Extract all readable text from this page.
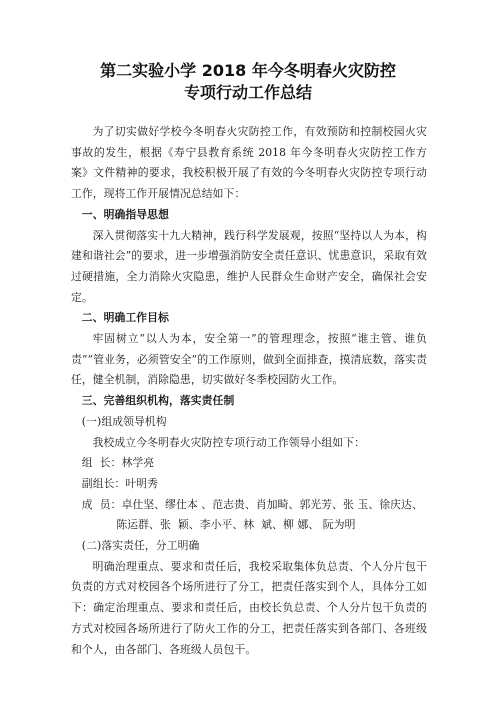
第二实验小学 2018 年今冬明春火灾防控
专项行动工作总结

为了切实做好学校今冬明春火灾防控工作，有效预防和控制校园火灾事故的发生，根据《寿宁县教育系统 2018 年今冬明春火灾防控工作方案》文件精神的要求，我校积极开展了有效的今冬明春火灾防控专项行动工作，现将工作开展情况总结如下：

一、明确指导思想

深入贯彻落实十九大精神，践行科学发展观，按照“坚持以人为本，构建和谐社会”的要求，进一步增强消防安全责任意识、忧患意识，采取有效过硬措施，全力消除火灾隐患，维护人民群众生命财产安全，确保社会安定。

二、明确工作目标

牢固树立“以人为本，安全第一”的管理理念，按照“谁主管、谁负责”“管业务，必须管安全”的工作原则，做到全面排查，摸清底数，落实责任，健全机制，消除隐患，切实做好冬季校园防火工作。

三、完善组织机构，落实责任制

(一)组成领导机构

我校成立今冬明春火灾防控专项行动工作领导小组如下：

组  长： 林学亮
副组长： 叶明秀
成  员： 卓仕坚、缪仕本 、范志贵、肖加畸、郭光芳、张 玉、徐庆达、

陈运群、张  颖、李小平、林  斌、柳 娜、 阮为明

(二)落实责任，分工明确

明确治理重点、要求和责任后，我校采取集体负总责、个人分片包干负责的方式对校园各个场所进行了分工，把责任落实到个人，具体分工如下：确定治理重点、要求和责任后，由校长负总责、个人分片包干负责的方式对校园各场所进行了防火工作的分工，把责任落实到各部门、各班级和个人，由各部门、各班级人员包干。
